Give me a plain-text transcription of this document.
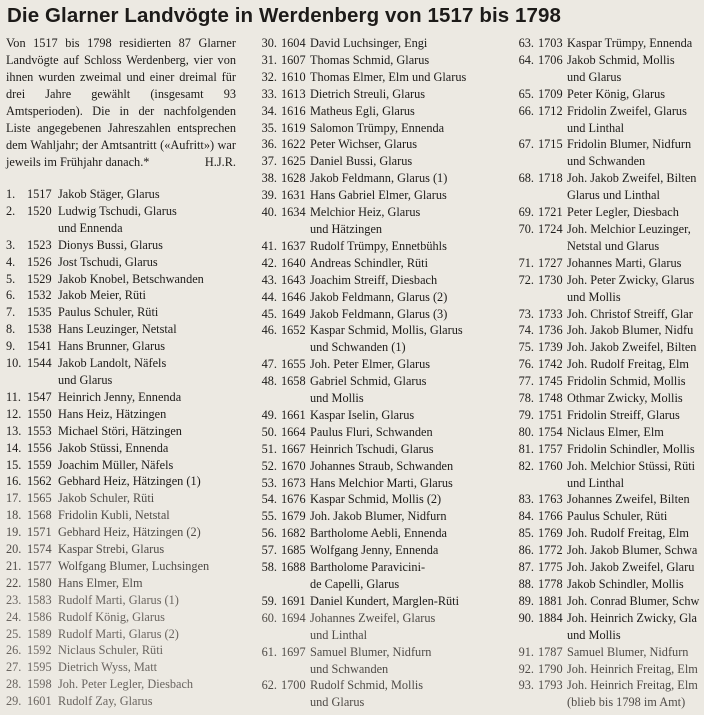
Die Glarner Landvögte in Werdenberg von 1517 bis 1798
Von 1517 bis 1798 residierten 87 Glarner Landvögte auf Schloss Werdenberg, vier von ihnen wurden zweimal und einer dreimal für drei Jahre gewählt (insgesamt 93 Amtsperioden). Die in der nachfolgenden Liste angegebenen Jahreszahlen entsprechen dem Wahljahr; der Amtsantritt («Aufritt») war jeweils im Frühjahr danach.*	H.J.R.
1. 1517 Jakob Stäger, Glarus
2. 1520 Ludwig Tschudi, Glarus
und Ennenda
3. 1523 Dionys Bussi, Glarus
4. 1526 Jost Tschudi, Glarus
5. 1529 Jakob Knobel, Betschwanden
6. 1532 Jakob Meier, Rüti
7. 1535 Paulus Schuler, Rüti
8. 1538 Hans Leuzinger, Netstal
9. 1541 Hans Brunner, Glarus
10. 1544 Jakob Landolt, Näfels
und Glarus
11. 1547 Heinrich Jenny, Ennenda
12. 1550 Hans Heiz, Hätzingen
13. 1553 Michael Störi, Hätzingen
14. 1556 Jakob Stüssi, Ennenda
15. 1559 Joachim Müller, Näfels
16. 1562 Gebhard Heiz, Hätzingen (1)
17. 1565 Jakob Schuler, Rüti
18. 1568 Fridolin Kubli, Netstal
19. 1571 Gebhard Heiz, Hätzingen (2)
20. 1574 Kaspar Strebi, Glarus
21. 1577 Wolfgang Blumer, Luchsingen
22. 1580 Hans Elmer, Elm
23. 1583 Rudolf Marti, Glarus (1)
24. 1586 Rudolf König, Glarus
25. 1589 Rudolf Marti, Glarus (2)
26. 1592 Niclaus Schuler, Rüti
27. 1595 Dietrich Wyss, Matt
28. 1598 Joh. Peter Legler, Diesbach
29. 1601 Rudolf Zay, Glarus
30. 1604 David Luchsinger, Engi
31. 1607 Thomas Schmid, Glarus
32. 1610 Thomas Elmer, Elm und Glarus
33. 1613 Dietrich Streuli, Glarus
34. 1616 Matheus Egli, Glarus
35. 1619 Salomon Trümpy, Ennenda
36. 1622 Peter Wichser, Glarus
37. 1625 Daniel Bussi, Glarus
38. 1628 Jakob Feldmann, Glarus (1)
39. 1631 Hans Gabriel Elmer, Glarus
40. 1634 Melchior Heiz, Glarus
und Hätzingen
41. 1637 Rudolf Trümpy, Ennetbühls
42. 1640 Andreas Schindler, Rüti
43. 1643 Joachim Streiff, Diesbach
44. 1646 Jakob Feldmann, Glarus (2)
45. 1649 Jakob Feldmann, Glarus (3)
46. 1652 Kaspar Schmid, Mollis, Glarus
und Schwanden (1)
47. 1655 Joh. Peter Elmer, Glarus
48. 1658 Gabriel Schmid, Glarus
und Mollis
49. 1661 Kaspar Iselin, Glarus
50. 1664 Paulus Fluri, Schwanden
51. 1667 Heinrich Tschudi, Glarus
52. 1670 Johannes Straub, Schwanden
53. 1673 Hans Melchior Marti, Glarus
54. 1676 Kaspar Schmid, Mollis (2)
55. 1679 Joh. Jakob Blumer, Nidfurn
56. 1682 Bartholome Aebli, Ennenda
57. 1685 Wolfgang Jenny, Ennenda
58. 1688 Bartholome Paravicini-
de Capelli, Glarus
59. 1691 Daniel Kundert, Marglen-Rüti
60. 1694 Johannes Zweifel, Glarus
und Linthal
61. 1697 Samuel Blumer, Nidfurn
und Schwanden
62. 1700 Rudolf Schmid, Mollis
und Glarus
63. 1703 Kaspar Trümpy, Ennenda
64. 1706 Jakob Schmid, Mollis
und Glarus
65. 1709 Peter König, Glarus
66. 1712 Fridolin Zweifel, Glarus
und Linthal
67. 1715 Fridolin Blumer, Nidfurn
und Schwanden
68. 1718 Joh. Jakob Zweifel, Bilten
Glarus und Linthal
69. 1721 Peter Legler, Diesbach
70. 1724 Joh. Melchior Leuzinger,
Netstal und Glarus
71. 1727 Johannes Marti, Glarus
72. 1730 Joh. Peter Zwicky, Glarus
und Mollis
73. 1733 Joh. Christof Streiff, Glar
74. 1736 Joh. Jakob Blumer, Nidfu
75. 1739 Joh. Jakob Zweifel, Bilten
76. 1742 Joh. Rudolf Freitag, Elm
77. 1745 Fridolin Schmid, Mollis
78. 1748 Othmar Zwicky, Mollis
79. 1751 Fridolin Streiff, Glarus
80. 1754 Niclaus Elmer, Elm
81. 1757 Fridolin Schindler, Mollis
82. 1760 Joh. Melchior Stüssi, Rüti
und Linthal
83. 1763 Johannes Zweifel, Bilten
84. 1766 Paulus Schuler, Rüti
85. 1769 Joh. Rudolf Freitag, Elm
86. 1772 Joh. Jakob Blumer, Schwa
87. 1775 Joh. Jakob Zweifel, Glaru
88. 1778 Jakob Schindler, Mollis
89. 1881 Joh. Conrad Blumer, Schw
90. 1884 Joh. Heinrich Zwicky, Gla
und Mollis
91. 1787 Samuel Blumer, Nidfurn
92. 1790 Joh. Heinrich Freitag, Elm
93. 1793 Joh. Heinrich Freitag, Elm
(blieb bis 1798 im Amt)
